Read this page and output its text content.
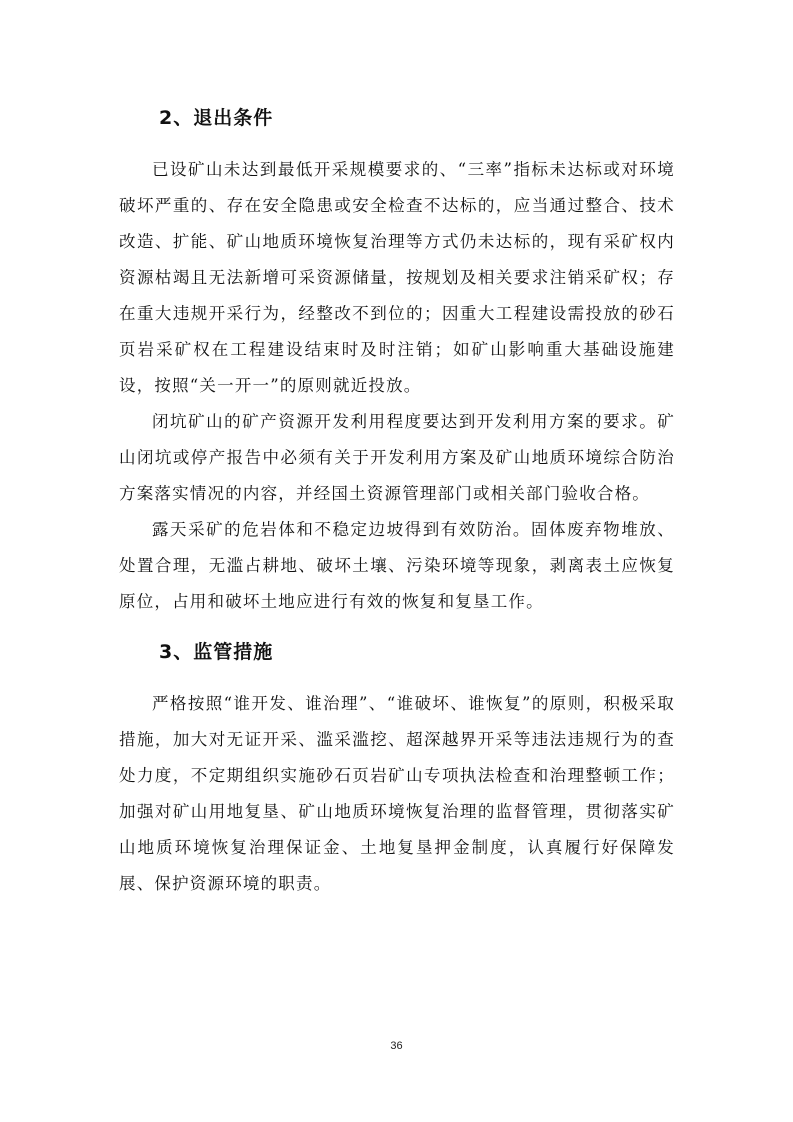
2、退出条件

已设矿山未达到最低开采规模要求的、“三率”指标未达标或对环境破坏严重的、存在安全隐患或安全检查不达标的，应当通过整合、技术改造、扩能、矿山地质环境恢复治理等方式仍未达标的，现有采矿权内资源枯竭且无法新增可采资源储量，按规划及相关要求注销采矿权；存在重大违规开采行为，经整改不到位的；因重大工程建设需投放的砂石页岩采矿权在工程建设结束时及时注销；如矿山影响重大基础设施建设，按照“关一开一”的原则就近投放。

闭坑矿山的矿产资源开发利用程度要达到开发利用方案的要求。矿山闭坑或停产报告中必须有关于开发利用方案及矿山地质环境综合防治方案落实情况的内容，并经国土资源管理部门或相关部门验收合格。

露天采矿的危岩体和不稳定边坡得到有效防治。固体废弃物堆放、处置合理，无滥占耕地、破坏土壤、污染环境等现象，剥离表土应恢复原位，占用和破坏土地应进行有效的恢复和复垦工作。

3、监管措施

严格按照“谁开发、谁治理”、“谁破坏、谁恢复”的原则，积极采取措施，加大对无证开采、滥采滥挖、超深越界开采等违法违规行为的查处力度，不定期组织实施砂石页岩矿山专项执法检查和治理整顿工作；加强对矿山用地复垦、矿山地质环境恢复治理的监督管理，贯彻落实矿山地质环境恢复治理保证金、土地复垦押金制度，认真履行好保障发展、保护资源环境的职责。

36
